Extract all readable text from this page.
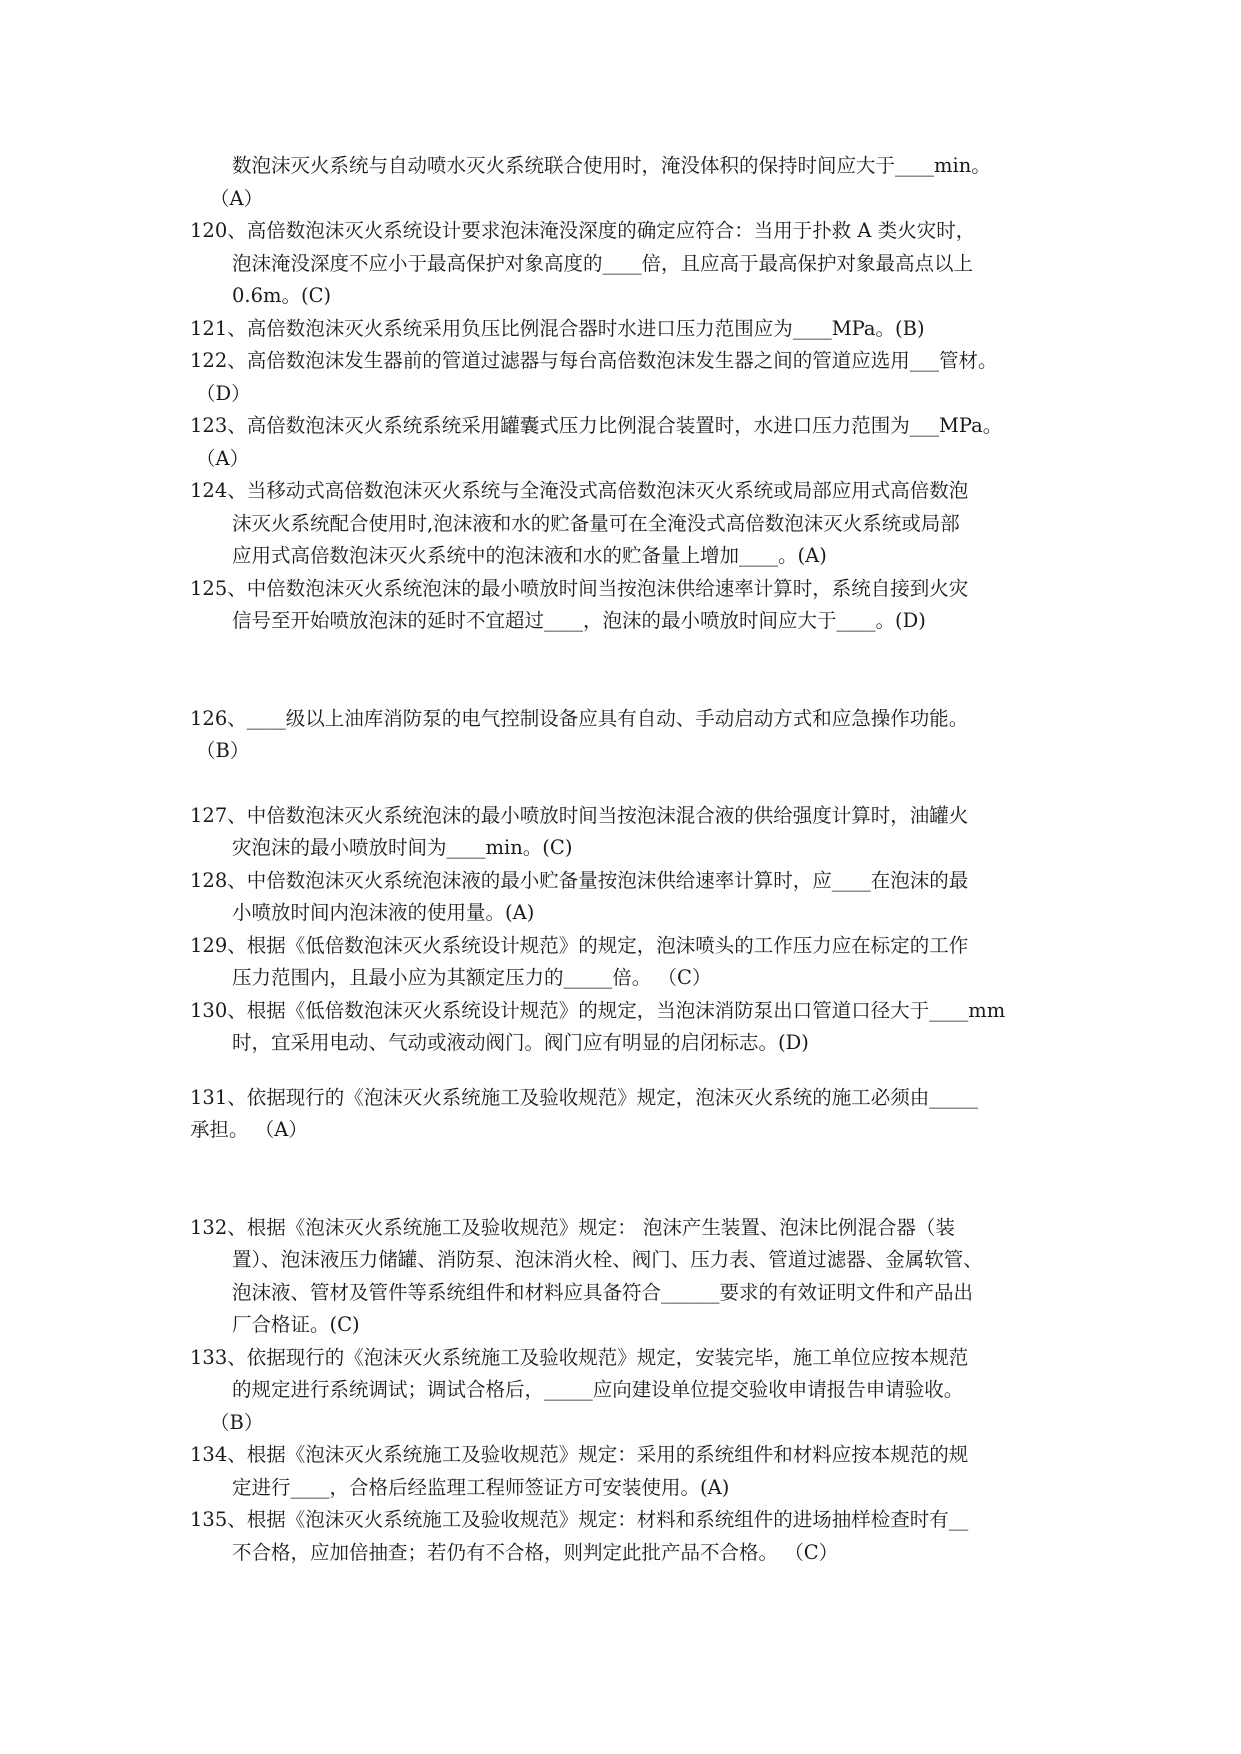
数泡沫灭火系统与自动喷水灭火系统联合使用时，淹没体积的保持时间应大于____min。
（A）
120、高倍数泡沫灭火系统设计要求泡沫淹没深度的确定应符合：当用于扑救 A 类火灾时，
泡沫淹没深度不应小于最高保护对象高度的____倍，且应高于最高保护对象最高点以上
0.6m。(C)
121、高倍数泡沫灭火系统采用负压比例混合器时水进口压力范围应为____MPa。(B)
122、高倍数泡沫发生器前的管道过滤器与每台高倍数泡沫发生器之间的管道应选用___管材。
（D）
123、高倍数泡沫灭火系统系统采用罐囊式压力比例混合装置时，水进口压力范围为___MPa。
（A）
124、当移动式高倍数泡沫灭火系统与全淹没式高倍数泡沫灭火系统或局部应用式高倍数泡
沫灭火系统配合使用时,泡沫液和水的贮备量可在全淹没式高倍数泡沫灭火系统或局部
应用式高倍数泡沫灭火系统中的泡沫液和水的贮备量上增加____。(A)
125、中倍数泡沫灭火系统泡沫的最小喷放时间当按泡沫供给速率计算时，系统自接到火灾
信号至开始喷放泡沫的延时不宜超过____，泡沫的最小喷放时间应大于____。(D)
126、____级以上油库消防泵的电气控制设备应具有自动、手动启动方式和应急操作功能。
（B）
127、中倍数泡沫灭火系统泡沫的最小喷放时间当按泡沫混合液的供给强度计算时，油罐火
灾泡沫的最小喷放时间为____min。(C)
128、中倍数泡沫灭火系统泡沫液的最小贮备量按泡沫供给速率计算时，应____在泡沫的最
小喷放时间内泡沫液的使用量。(A)
129、根据《低倍数泡沫灭火系统设计规范》的规定，泡沫喷头的工作压力应在标定的工作
压力范围内，且最小应为其额定压力的_____倍。 （C）
130、根据《低倍数泡沫灭火系统设计规范》的规定，当泡沫消防泵出口管道口径大于____mm
时，宜采用电动、气动或液动阀门。阀门应有明显的启闭标志。(D)
131、依据现行的《泡沫灭火系统施工及验收规范》规定，泡沫灭火系统的施工必须由_____
承担。 （A）
132、根据《泡沫灭火系统施工及验收规范》规定： 泡沫产生装置、泡沫比例混合器（装
置）、泡沫液压力储罐、消防泵、泡沫消火栓、阀门、压力表、管道过滤器、金属软管、
泡沫液、管材及管件等系统组件和材料应具备符合______要求的有效证明文件和产品出
厂合格证。(C)
133、依据现行的《泡沫灭火系统施工及验收规范》规定，安装完毕，施工单位应按本规范
的规定进行系统调试；调试合格后，_____应向建设单位提交验收申请报告申请验收。
（B）
134、根据《泡沫灭火系统施工及验收规范》规定：采用的系统组件和材料应按本规范的规
定进行____，合格后经监理工程师签证方可安装使用。(A)
135、根据《泡沫灭火系统施工及验收规范》规定：材料和系统组件的进场抽样检查时有__
不合格，应加倍抽查；若仍有不合格，则判定此批产品不合格。 （C）
